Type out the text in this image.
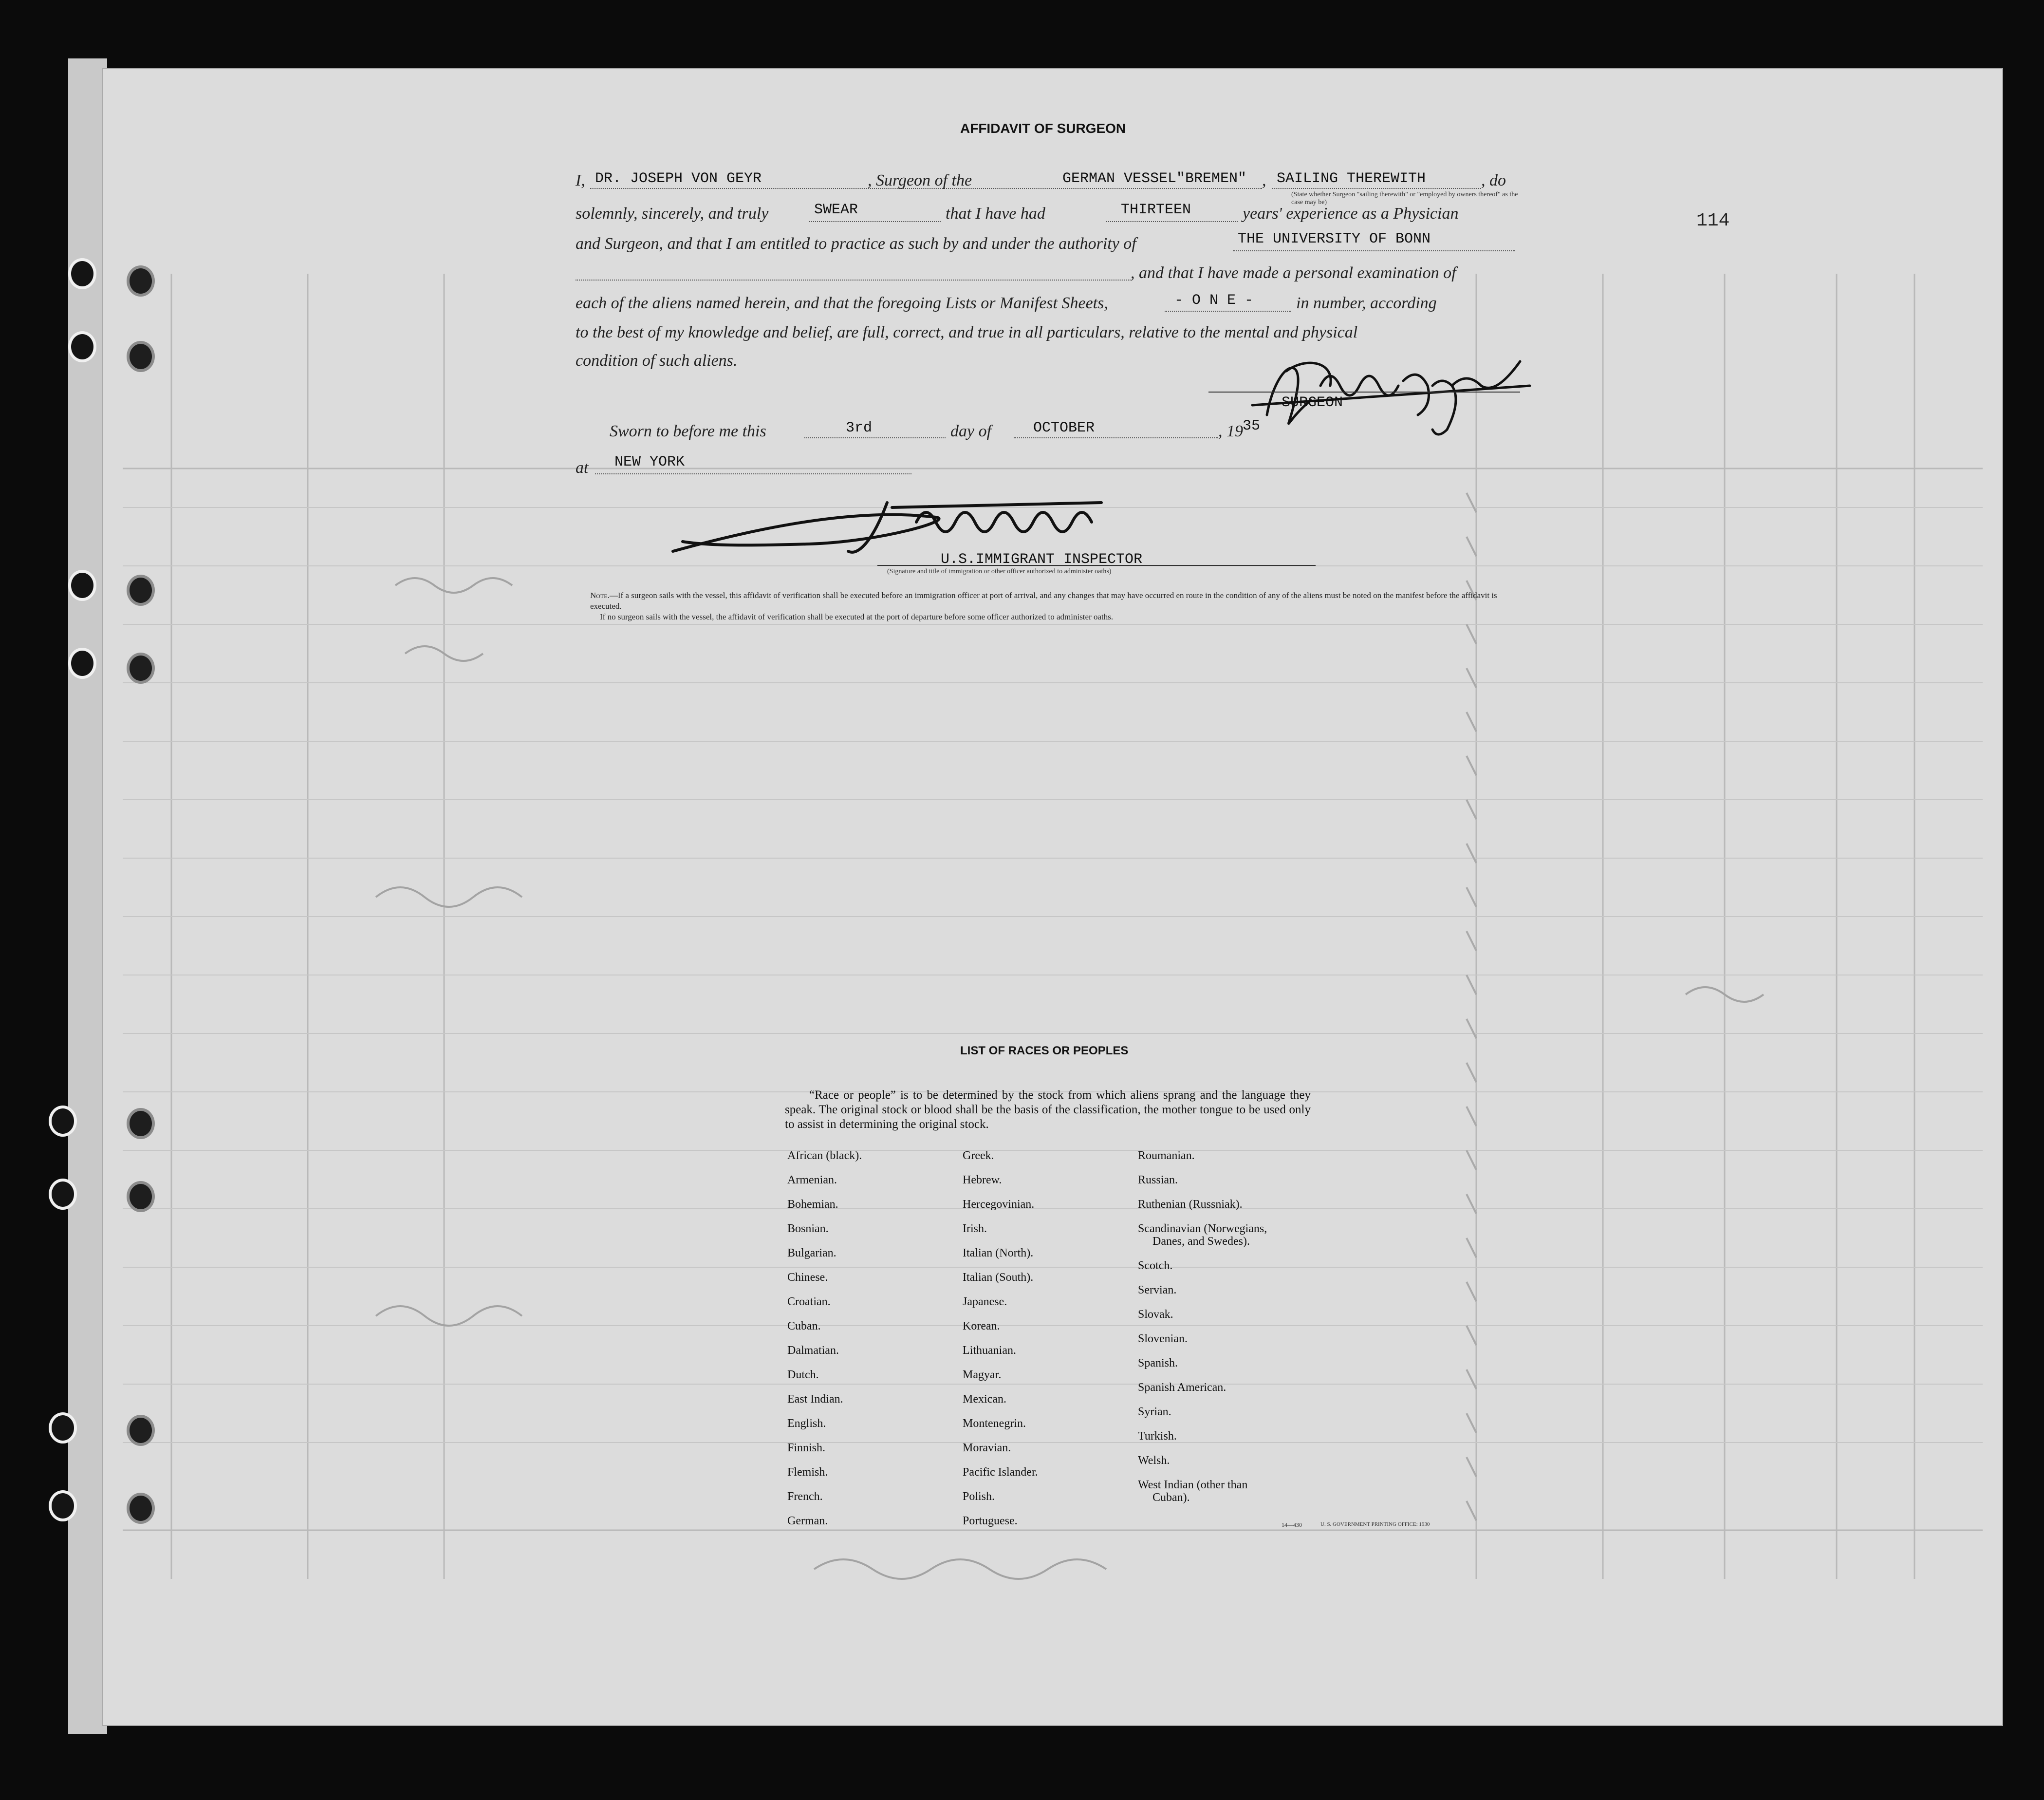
AFFIDAVIT OF SURGEON
I, DR. JOSEPH VON GEYR	, Surgeon of the	GERMAN VESSEL"BREMEN" , SAILING THEREWITH	, do
(State whether Surgeon "sailing therewith" or "employed by owners thereof" as the case may be)
solemnly, sincerely, and truly	SWEAR	that I have had	THIRTEEN	years' experience as a Physician
and Surgeon, and that I am entitled to practice as such by and under the authority of	THE UNIVERSITY OF BONN
, and that I have made a personal examination of
each of the aliens named herein, and that the foregoing Lists or Manifest Sheets,	- O N E -	in number, according
to the best of my knowledge and belief, are full, correct, and true in all particulars, relative to the mental and physical
condition of such aliens.
SURGEON
Sworn to before me this	3rd	day of	OCTOBER	, 19 35
at NEW YORK
U.S.IMMIGRANT INSPECTOR
(Signature and title of immigration or other officer authorized to administer oaths)
Note.—If a surgeon sails with the vessel, this affidavit of verification shall be executed before an immigration officer at port of arrival, and any changes that may have occurred en route in the condition of any of the aliens must be noted on the manifest before the affidavit is executed.
If no surgeon sails with the vessel, the affidavit of verification shall be executed at the port of departure before some officer authorized to administer oaths.
114
LIST OF RACES OR PEOPLES
“Race or people” is to be determined by the stock from which aliens sprang and the language they speak. The original stock or blood shall be the basis of the classification, the mother tongue to be used only to assist in determining the original stock.
African (black).
Armenian.
Bohemian.
Bosnian.
Bulgarian.
Chinese.
Croatian.
Cuban.
Dalmatian.
Dutch.
East Indian.
English.
Finnish.
Flemish.
French.
German.
Greek.
Hebrew.
Hercegovinian.
Irish.
Italian (North).
Italian (South).
Japanese.
Korean.
Lithuanian.
Magyar.
Mexican.
Montenegrin.
Moravian.
Pacific Islander.
Polish.
Portuguese.
Roumanian.
Russian.
Ruthenian (Russniak).
Scandinavian (Norwegians,
Danes, and Swedes).
Scotch.
Servian.
Slovak.
Slovenian.
Spanish.
Spanish American.
Syrian.
Turkish.
Welsh.
West Indian (other than
Cuban).
14—430	U. S. GOVERNMENT PRINTING OFFICE: 1930
